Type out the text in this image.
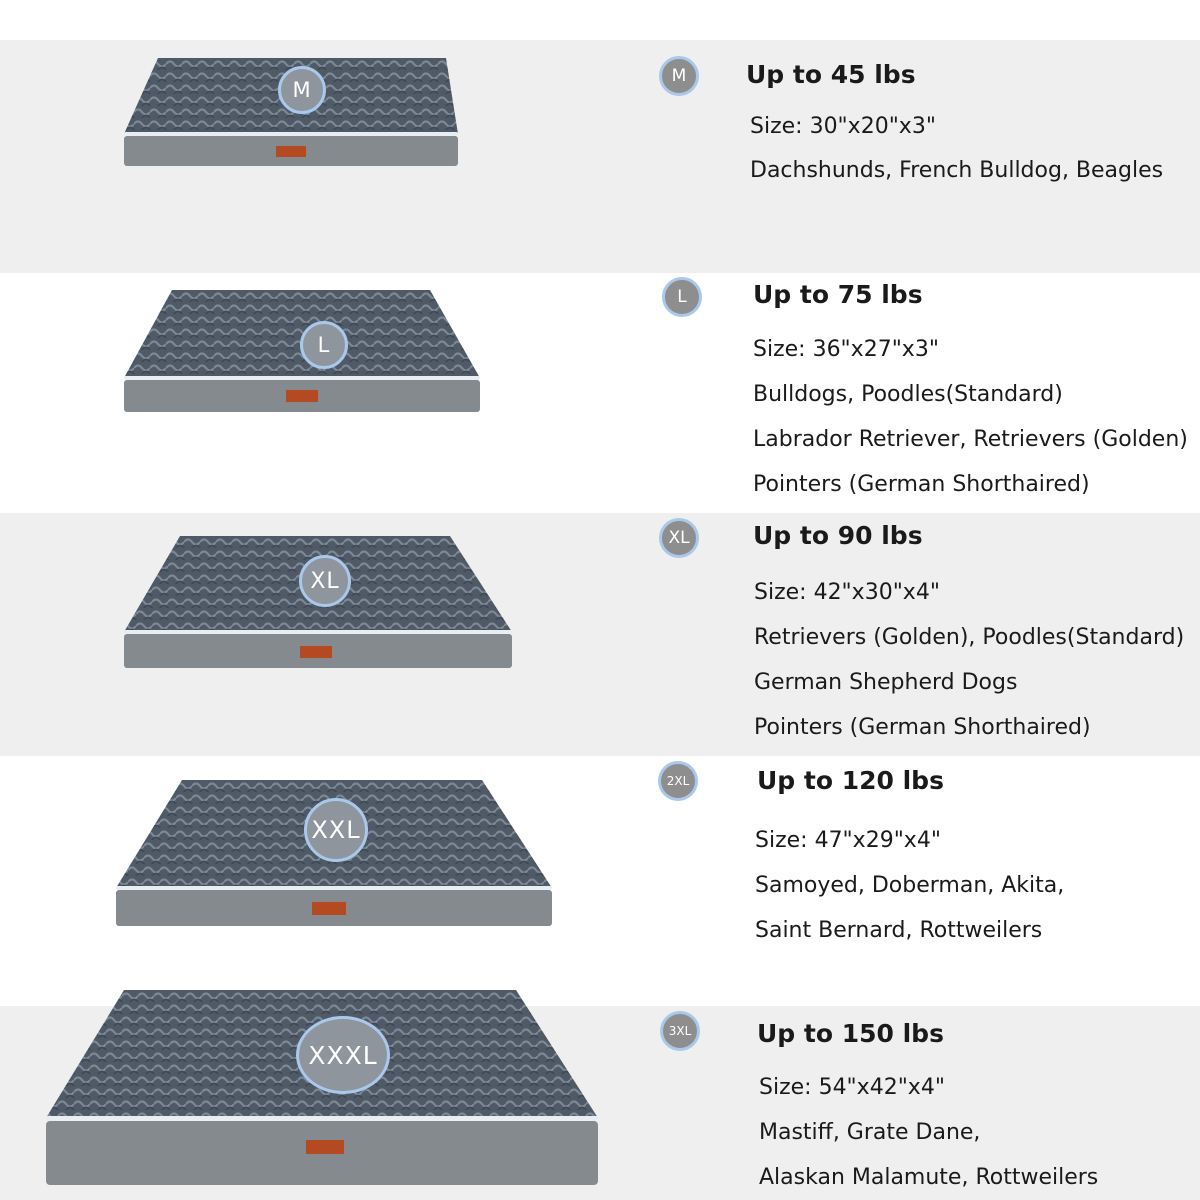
M
M	Up to 45 lbs
Size: 30"x20"x3"
Dachshunds, French Bulldog, Beagles
L
L	Up to 75 lbs
Size: 36"x27"x3"
Bulldogs, Poodles(Standard)
Labrador Retriever, Retrievers (Golden)
Pointers (German Shorthaired)
XL
XL	Up to 90 lbs
Size: 42"x30"x4"
Retrievers (Golden), Poodles(Standard)
German Shepherd Dogs
Pointers (German Shorthaired)
XXL
2XL	Up to 120 lbs
Size: 47"x29"x4"
Samoyed, Doberman, Akita,
Saint Bernard, Rottweilers
XXXL
3XL	Up to 150 lbs
Size: 54"x42"x4"
Mastiff, Grate Dane,
Alaskan Malamute, Rottweilers
